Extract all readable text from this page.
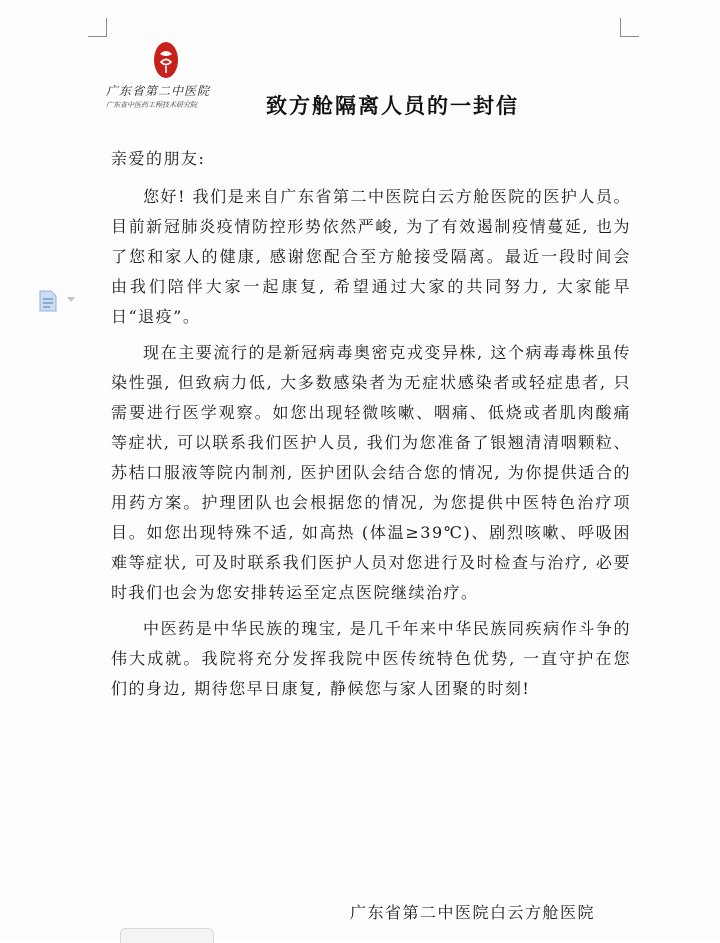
广东省第二中医院
广东省中医药工程技术研究院	致方舱隔离人员的一封信

亲爱的朋友:

您好! 我们是来自广东省第二中医院白云方舱医院的医护人员。目前新冠肺炎疫情防控形势依然严峻, 为了有效遏制疫情蔓延, 也为了您和家人的健康, 感谢您配合至方舱接受隔离。最近一段时间会由我们陪伴大家一起康复, 希望通过大家的共同努力, 大家能早日“退疫”。

现在主要流行的是新冠病毒奥密克戎变异株, 这个病毒毒株虽传染性强, 但致病力低, 大多数感染者为无症状感染者或轻症患者, 只需要进行医学观察。如您出现轻微咳嗽、咽痛、低烧或者肌肉酸痛等症状, 可以联系我们医护人员, 我们为您准备了银翘清清咽颗粒、苏桔口服液等院内制剂, 医护团队会结合您的情况, 为你提供适合的用药方案。护理团队也会根据您的情况, 为您提供中医特色治疗项目。如您出现特殊不适, 如高热 (体温≥39℃)、剧烈咳嗽、呼吸困难等症状, 可及时联系我们医护人员对您进行及时检查与治疗, 必要时我们也会为您安排转运至定点医院继续治疗。

中医药是中华民族的瑰宝, 是几千年来中华民族同疾病作斗争的伟大成就。我院将充分发挥我院中医传统特色优势, 一直守护在您们的身边, 期待您早日康复, 静候您与家人团聚的时刻!

广东省第二中医院白云方舱医院
